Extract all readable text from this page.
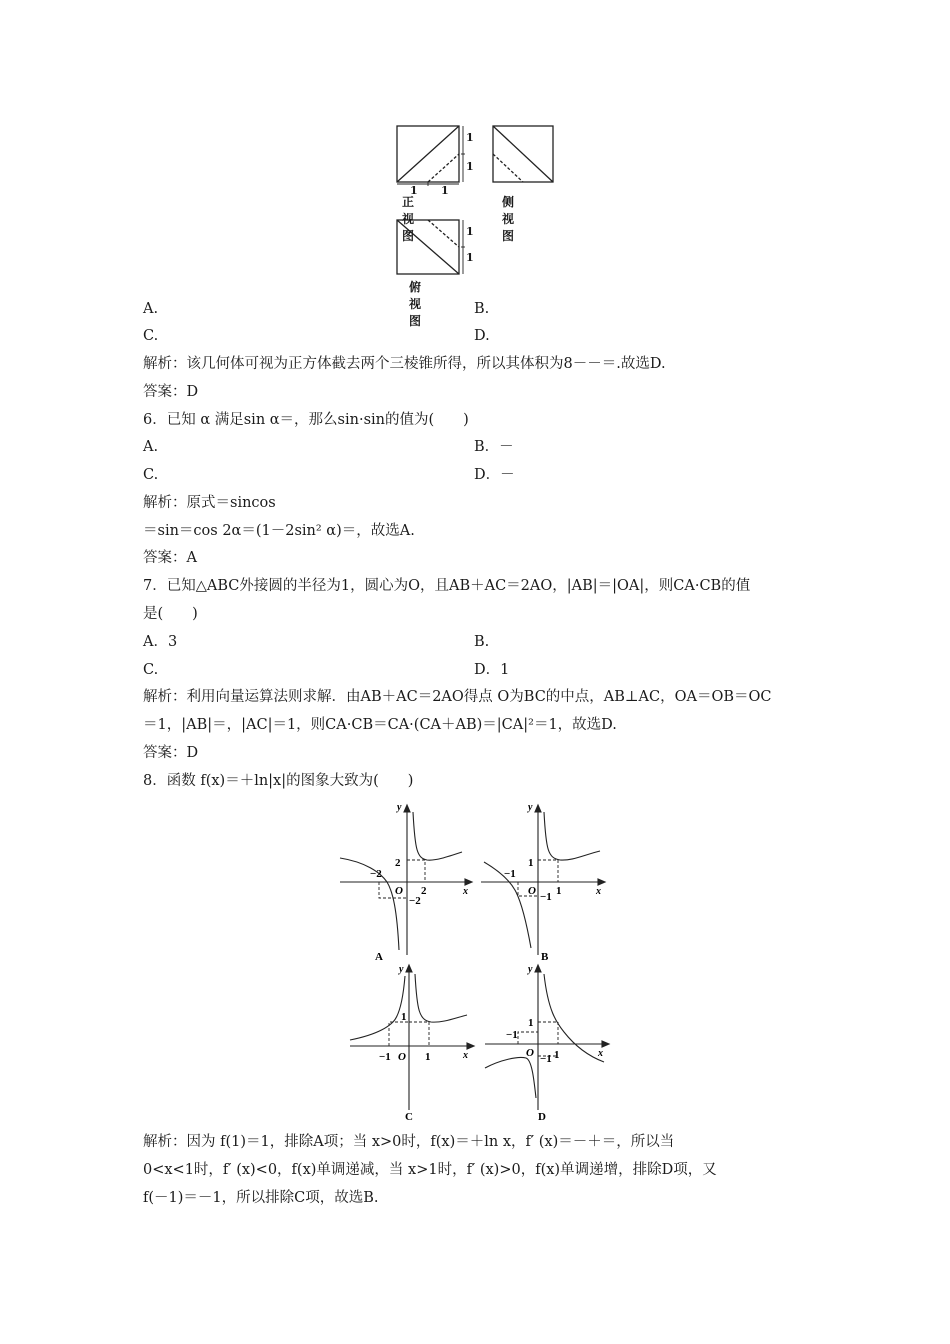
正视图
侧视图
俯视图
1
1
1
1
1 1
A.	B.
C.	D.
解析：该几何体可视为正方体截去两个三棱锥所得，所以其体积为8－－＝.故选D.
答案：D
6．已知 α 满足sin α＝，那么sin·sin的值为(　　)
A.	B．－
C.	D．－
解析：原式＝sincos
＝sin＝cos 2α＝(1－2sin² α)＝，故选A.
答案：A
7．已知△ABC外接圆的半径为1，圆心为O，且AB＋AC＝2AO，|AB|＝|OA|，则CA·CB的值
是(　　)
A．3	B.
C.	D．1
解析：利用向量运算法则求解．由AB＋AC＝2AO得点 O为BC的中点，AB⊥AC，OA＝OB＝OC
＝1，|AB|＝，|AC|＝1，则CA·CB＝CA·(CA＋AB)＝|CA|²＝1，故选D.
答案：D
8．函数 f(x)＝＋ln|x|的图象大致为(　　)
2
2
−2
−2
O	x
y
A
1
1
−1
−1
O	x
y
B
1
1
−1 O	x
y
C
1
1
−1
−1
O	x
y
D
解析：因为 f(1)＝1，排除A项；当 x>0时，f(x)＝＋ln x，f′ (x)＝－＋＝，所以当
0<x<1时，f′ (x)<0，f(x)单调递减，当 x>1时，f′ (x)>0，f(x)单调递增，排除D项，又
f(－1)＝－1，所以排除C项，故选B.
